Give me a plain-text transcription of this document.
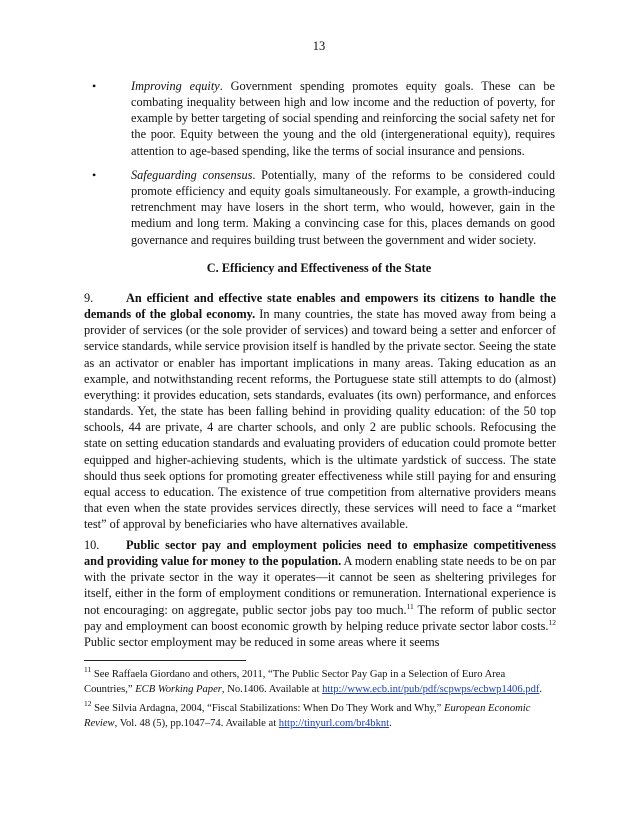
13
•	Improving equity. Government spending promotes equity goals. These can be combating inequality between high and low income and the reduction of poverty, for example by better targeting of social spending and reinforcing the social safety net for the poor. Equity between the young and the old (intergenerational equity), requires attention to age-based spending, like the terms of social insurance and pensions.
•	Safeguarding consensus. Potentially, many of the reforms to be considered could promote efficiency and equity goals simultaneously. For example, a growth-inducing retrenchment may have losers in the short term, who would, however, gain in the medium and long term. Making a convincing case for this, places demands on good governance and requires building trust between the government and wider society.
C. Efficiency and Effectiveness of the State
9.	An efficient and effective state enables and empowers its citizens to handle the demands of the global economy. In many countries, the state has moved away from being a provider of services (or the sole provider of services) and toward being a setter and enforcer of service standards, while service provision itself is handled by the private sector. Seeing the state as an activator or enabler has important implications in many areas. Taking education as an example, and notwithstanding recent reforms, the Portuguese state still attempts to do (almost) everything: it provides education, sets standards, evaluates (its own) performance, and enforces standards. Yet, the state has been falling behind in providing quality education: of the 50 top schools, 44 are private, 4 are charter schools, and only 2 are public schools. Refocusing the state on setting education standards and evaluating providers of education could promote better equipped and higher-achieving students, which is the ultimate yardstick of success. The state should thus seek options for promoting greater effectiveness while still paying for and ensuring equal access to education. The existence of true competition from alternative providers means that even when the state provides services directly, these services will need to face a “market test” of approval by beneficiaries who have alternatives available.
10. Public sector pay and employment policies need to emphasize competitiveness and providing value for money to the population. A modern enabling state needs to be on par with the private sector in the way it operates—it cannot be seen as sheltering privileges for itself, either in the form of employment conditions or remuneration. International experience is not encouraging: on aggregate, public sector jobs pay too much.$^{11}$ The reform of public sector pay and employment can boost economic growth by helping reduce private sector labor costs.$^{12}$ Public sector employment may be reduced in some areas where it seems
$^{11}$ See Raffaela Giordano and others, 2011, “The Public Sector Pay Gap in a Selection of Euro Area Countries,” ECB Working Paper, No.1406. Available at http://www.ecb.int/pub/pdf/scpwps/ecbwp1406.pdf.
$^{12}$ See Silvia Ardagna, 2004, “Fiscal Stabilizations: When Do They Work and Why,” European Economic Review, Vol. 48 (5), pp.1047–74. Available at http://tinyurl.com/br4bknt.
